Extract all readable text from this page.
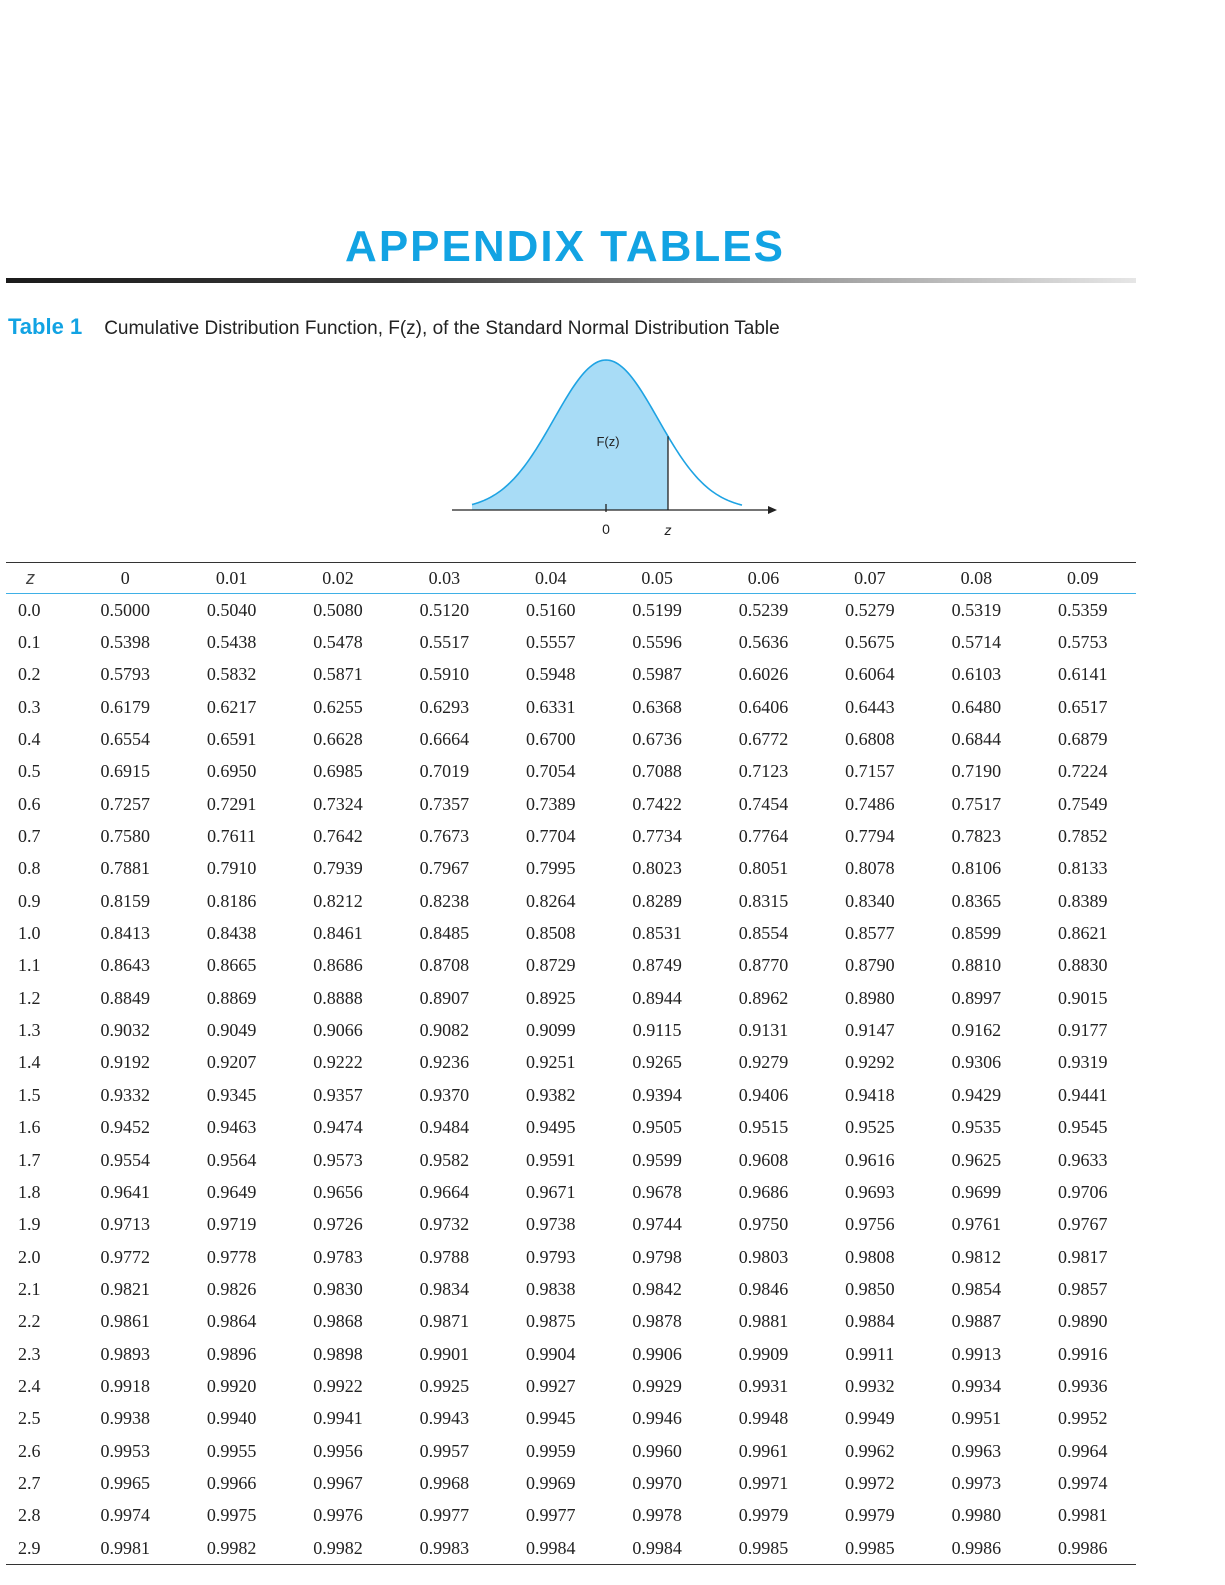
APPENDIX TABLES
Table 1 Cumulative Distribution Function, F(z), of the Standard Normal Distribution Table
F(z)
0	z
z	0	0.01	0.02	0.03	0.04	0.05	0.06	0.07	0.08	0.09
0.0	0.5000	0.5040	0.5080	0.5120	0.5160	0.5199	0.5239	0.5279	0.5319	0.5359
0.1	0.5398	0.5438	0.5478	0.5517	0.5557	0.5596	0.5636	0.5675	0.5714	0.5753
0.2	0.5793	0.5832	0.5871	0.5910	0.5948	0.5987	0.6026	0.6064	0.6103	0.6141
0.3	0.6179	0.6217	0.6255	0.6293	0.6331	0.6368	0.6406	0.6443	0.6480	0.6517
0.4	0.6554	0.6591	0.6628	0.6664	0.6700	0.6736	0.6772	0.6808	0.6844	0.6879
0.5	0.6915	0.6950	0.6985	0.7019	0.7054	0.7088	0.7123	0.7157	0.7190	0.7224
0.6	0.7257	0.7291	0.7324	0.7357	0.7389	0.7422	0.7454	0.7486	0.7517	0.7549
0.7	0.7580	0.7611	0.7642	0.7673	0.7704	0.7734	0.7764	0.7794	0.7823	0.7852
0.8	0.7881	0.7910	0.7939	0.7967	0.7995	0.8023	0.8051	0.8078	0.8106	0.8133
0.9	0.8159	0.8186	0.8212	0.8238	0.8264	0.8289	0.8315	0.8340	0.8365	0.8389
1.0	0.8413	0.8438	0.8461	0.8485	0.8508	0.8531	0.8554	0.8577	0.8599	0.8621
1.1	0.8643	0.8665	0.8686	0.8708	0.8729	0.8749	0.8770	0.8790	0.8810	0.8830
1.2	0.8849	0.8869	0.8888	0.8907	0.8925	0.8944	0.8962	0.8980	0.8997	0.9015
1.3	0.9032	0.9049	0.9066	0.9082	0.9099	0.9115	0.9131	0.9147	0.9162	0.9177
1.4	0.9192	0.9207	0.9222	0.9236	0.9251	0.9265	0.9279	0.9292	0.9306	0.9319
1.5	0.9332	0.9345	0.9357	0.9370	0.9382	0.9394	0.9406	0.9418	0.9429	0.9441
1.6	0.9452	0.9463	0.9474	0.9484	0.9495	0.9505	0.9515	0.9525	0.9535	0.9545
1.7	0.9554	0.9564	0.9573	0.9582	0.9591	0.9599	0.9608	0.9616	0.9625	0.9633
1.8	0.9641	0.9649	0.9656	0.9664	0.9671	0.9678	0.9686	0.9693	0.9699	0.9706
1.9	0.9713	0.9719	0.9726	0.9732	0.9738	0.9744	0.9750	0.9756	0.9761	0.9767
2.0	0.9772	0.9778	0.9783	0.9788	0.9793	0.9798	0.9803	0.9808	0.9812	0.9817
2.1	0.9821	0.9826	0.9830	0.9834	0.9838	0.9842	0.9846	0.9850	0.9854	0.9857
2.2	0.9861	0.9864	0.9868	0.9871	0.9875	0.9878	0.9881	0.9884	0.9887	0.9890
2.3	0.9893	0.9896	0.9898	0.9901	0.9904	0.9906	0.9909	0.9911	0.9913	0.9916
2.4	0.9918	0.9920	0.9922	0.9925	0.9927	0.9929	0.9931	0.9932	0.9934	0.9936
2.5	0.9938	0.9940	0.9941	0.9943	0.9945	0.9946	0.9948	0.9949	0.9951	0.9952
2.6	0.9953	0.9955	0.9956	0.9957	0.9959	0.9960	0.9961	0.9962	0.9963	0.9964
2.7	0.9965	0.9966	0.9967	0.9968	0.9969	0.9970	0.9971	0.9972	0.9973	0.9974
2.8	0.9974	0.9975	0.9976	0.9977	0.9977	0.9978	0.9979	0.9979	0.9980	0.9981
2.9	0.9981	0.9982	0.9982	0.9983	0.9984	0.9984	0.9985	0.9985	0.9986	0.9986
